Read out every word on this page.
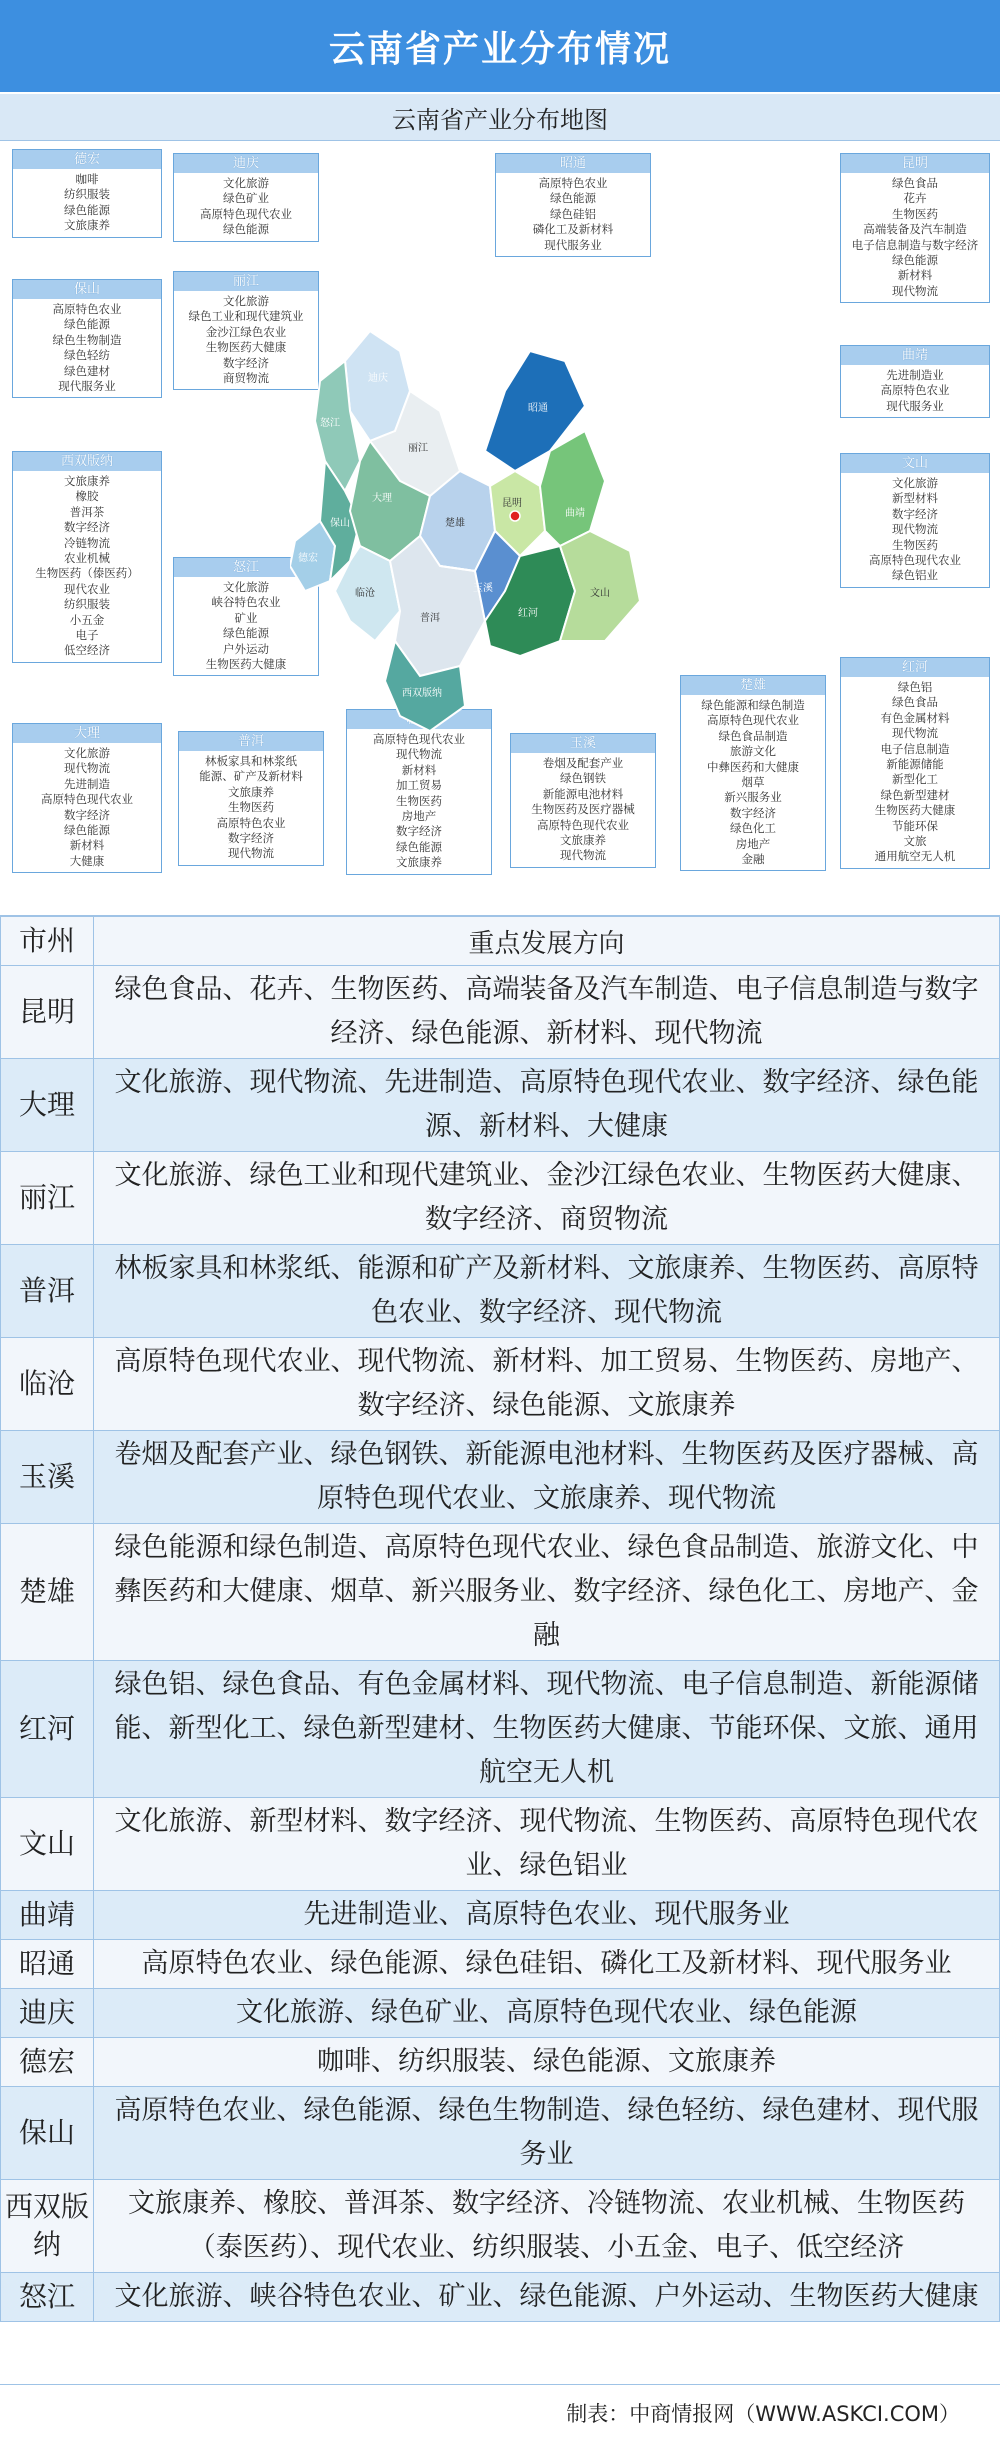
云南省产业分布情况
云南省产业分布地图
德宏
咖啡
纺织服装
绿色能源
文旅康养
迪庆
文化旅游
绿色矿业
高原特色现代农业
绿色能源
昭通
高原特色农业
绿色能源
绿色硅铝
磷化工及新材料
现代服务业
昆明
绿色食品
花卉
生物医药
高端装备及汽车制造
电子信息制造与数字经济
绿色能源
新材料
现代物流
保山
高原特色农业
绿色能源
绿色生物制造
绿色轻纺
绿色建材
现代服务业
丽江
文化旅游
绿色工业和现代建筑业
金沙江绿色农业
生物医药大健康
数字经济
商贸物流
曲靖
先进制造业
高原特色农业
现代服务业
西双版纳
文旅康养
橡胶
普洱茶
数字经济
冷链物流
农业机械
生物医药（傣医药）
现代农业
纺织服装
小五金
电子
低空经济
文山
文化旅游
新型材料
数字经济
现代物流
生物医药
高原特色现代农业
绿色铝业
怒江
文化旅游
峡谷特色农业
矿业
绿色能源
户外运动
生物医药大健康
楚雄
绿色能源和绿色制造
高原特色现代农业
绿色食品制造
旅游文化
中彝医药和大健康
烟草
新兴服务业
数字经济
绿色化工
房地产
金融
红河
绿色铝
绿色食品
有色金属材料
现代物流
电子信息制造
新能源储能
新型化工
绿色新型建材
生物医药大健康
节能环保
文旅
通用航空无人机
大理
文化旅游
现代物流
先进制造
高原特色现代农业
数字经济
绿色能源
新材料
大健康
普洱
林板家具和林浆纸
能源、矿产及新材料
文旅康养
生物医药
高原特色农业
数字经济
现代物流
高原特色现代农业
现代物流
新材料
加工贸易
生物医药
房地产
数字经济
绿色能源
文旅康养
玉溪
卷烟及配套产业
绿色钢铁
新能源电池材料
生物医药及医疗器械
高原特色现代农业
文旅康养
现代物流
迪庆
怒江
丽江
昭通
德宏
保山
大理
楚雄
昆明
曲靖
临沧
普洱
玉溪
红河
文山
西双版纳
市州	重点发展方向
昆明	绿色食品、花卉、生物医药、高端装备及汽车制造、电子信息制造与数字经济、绿色能源、新材料、现代物流
大理	文化旅游、现代物流、先进制造、高原特色现代农业、数字经济、绿色能源、新材料、大健康
丽江	文化旅游、绿色工业和现代建筑业、金沙江绿色农业、生物医药大健康、数字经济、商贸物流
普洱	林板家具和林浆纸、能源和矿产及新材料、文旅康养、生物医药、高原特色农业、数字经济、现代物流
临沧	高原特色现代农业、现代物流、新材料、加工贸易、生物医药、房地产、数字经济、绿色能源、文旅康养
玉溪	卷烟及配套产业、绿色钢铁、新能源电池材料、生物医药及医疗器械、高原特色现代农业、文旅康养、现代物流
楚雄	绿色能源和绿色制造、高原特色现代农业、绿色食品制造、旅游文化、中彝医药和大健康、烟草、新兴服务业、数字经济、绿色化工、房地产、金融
红河	绿色铝、绿色食品、有色金属材料、现代物流、电子信息制造、新能源储能、新型化工、绿色新型建材、生物医药大健康、节能环保、文旅、通用航空无人机
文山	文化旅游、新型材料、数字经济、现代物流、生物医药、高原特色现代农业、绿色铝业
曲靖	先进制造业、高原特色农业、现代服务业
昭通	高原特色农业、绿色能源、绿色硅铝、磷化工及新材料、现代服务业
迪庆	文化旅游、绿色矿业、高原特色现代农业、绿色能源
德宏	咖啡、纺织服装、绿色能源、文旅康养
保山	高原特色农业、绿色能源、绿色生物制造、绿色轻纺、绿色建材、现代服务业
西双版纳	文旅康养、橡胶、普洱茶、数字经济、冷链物流、农业机械、生物医药（泰医药）、现代农业、纺织服装、小五金、电子、低空经济
怒江	文化旅游、峡谷特色农业、矿业、绿色能源、户外运动、生物医药大健康
制表：中商情报网（WWW.ASKCI.COM）
